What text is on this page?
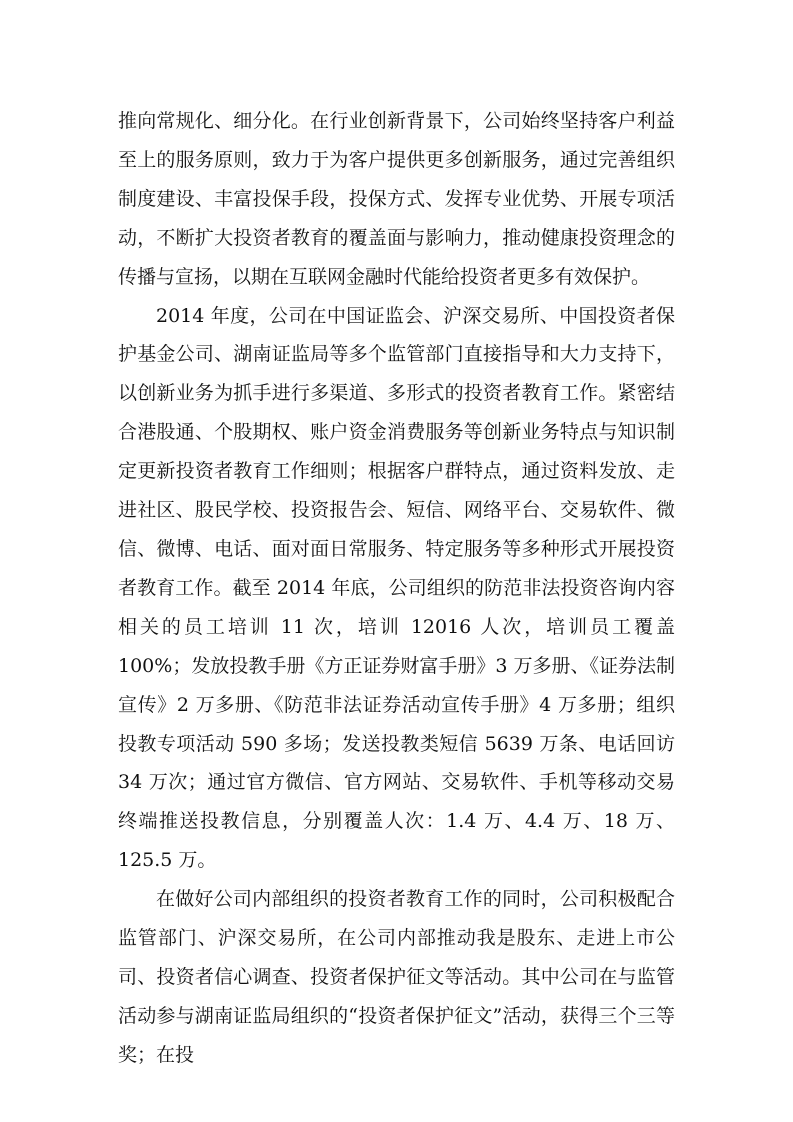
推向常规化、细分化。在行业创新背景下，公司始终坚持客户利益至上的服务原则，致力于为客户提供更多创新服务，通过完善组织制度建设、丰富投保手段，投保方式、发挥专业优势、开展专项活动，不断扩大投资者教育的覆盖面与影响力，推动健康投资理念的传播与宣扬，以期在互联网金融时代能给投资者更多有效保护。

2014 年度，公司在中国证监会、沪深交易所、中国投资者保护基金公司、湖南证监局等多个监管部门直接指导和大力支持下，以创新业务为抓手进行多渠道、多形式的投资者教育工作。紧密结合港股通、个股期权、账户资金消费服务等创新业务特点与知识制定更新投资者教育工作细则；根据客户群特点，通过资料发放、走进社区、股民学校、投资报告会、短信、网络平台、交易软件、微信、微博、电话、面对面日常服务、特定服务等多种形式开展投资者教育工作。截至 2014 年底，公司组织的防范非法投资咨询内容相关的员工培训 11 次，培训 12016 人次，培训员工覆盖 100%；发放投教手册《方正证券财富手册》3 万多册、《证券法制宣传》2 万多册、《防范非法证券活动宣传手册》4 万多册；组织投教专项活动 590 多场；发送投教类短信 5639 万条、电话回访 34 万次；通过官方微信、官方网站、交易软件、手机等移动交易终端推送投教信息，分别覆盖人次：1.4 万、4.4 万、18 万、125.5 万。

在做好公司内部组织的投资者教育工作的同时，公司积极配合监管部门、沪深交易所，在公司内部推动我是股东、走进上市公司、投资者信心调查、投资者保护征文等活动。其中公司在与监管活动参与湖南证监局组织的“投资者保护征文”活动，获得三个三等奖；在投
